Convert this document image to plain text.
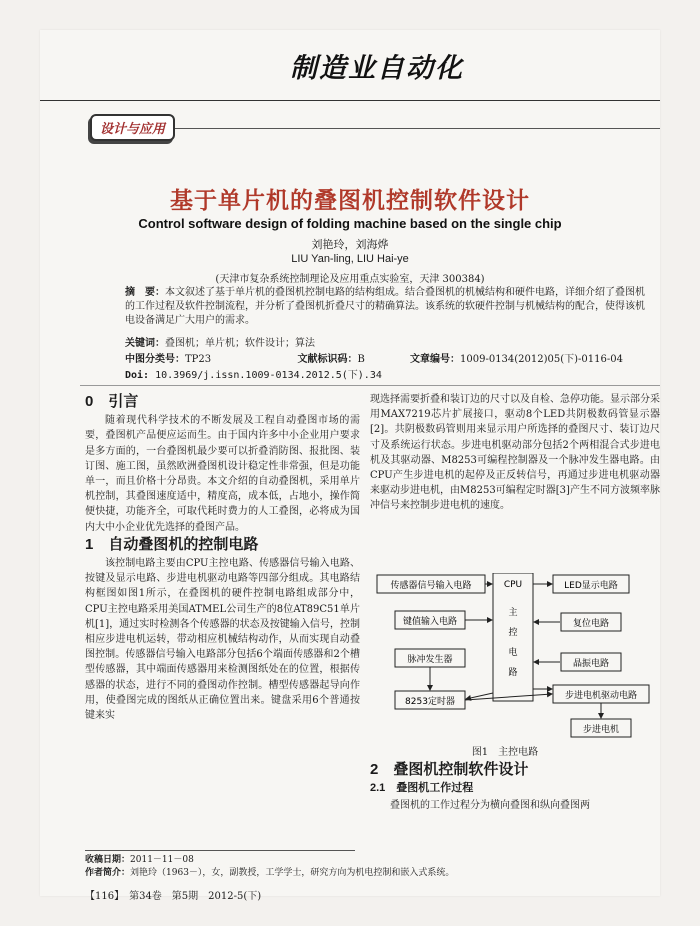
制造业自动化
设计与应用
基于单片机的叠图机控制软件设计
Control software design of folding machine based on the single chip
刘艳玲，刘海烨
LIU Yan-ling, LIU Hai-ye
(天津市复杂系统控制理论及应用重点实验室，天津 300384)
摘　要：本文叙述了基于单片机的叠图机控制电路的结构组成。结合叠图机的机械结构和硬件电路，详细介绍了叠图机的工作过程及软件控制流程，并分析了叠图机折叠尺寸的精确算法。该系统的软硬件控制与机械结构的配合，使得该机电设备满足广大用户的需求。
关键词：叠图机；单片机；软件设计；算法
中图分类号：TP23	文献标识码：B	文章编号：1009-0134(2012)05(下)-0116-04
Doi: 10.3969/j.issn.1009-0134.2012.5(下).34
0　引言

随着现代科学技术的不断发展及工程自动叠图市场的需要，叠图机产品便应运而生。由于国内许多中小企业用户要求是多方面的，一台叠图机最少要可以折叠消防图、报批图、装订图、施工图，虽然欧洲叠图机设计稳定性非常强，但是功能单一，而且价格十分昂贵。本文介绍的自动叠图机，采用单片机控制，其叠图速度适中，精度高，成本低，占地小，操作简便快捷，功能齐全，可取代耗时费力的人工叠图，必将成为国内大中小企业优先选择的叠图产品。

1　自动叠图机的控制电路

该控制电路主要由CPU主控电路、传感器信号输入电路、按键及显示电路、步进电机驱动电路等四部分组成。其电路结构框图如图1所示，在叠图机的硬件控制电路组成部分中，CPU主控电路采用美国ATMEL公司生产的8位AT89C51单片机[1]，通过实时检测各个传感器的状态及按键输入信号，控制相应步进电机运转，带动相应机械结构动作，从而实现自动叠图控制。传感器信号输入电路部分包括6个端面传感器和2个槽型传感器，其中端面传感器用来检测图纸处在的位置，根据传感器的状态，进行不同的叠图动作控制。槽型传感器起导向作用，使叠图完成的图纸从正确位置出来。键盘采用6个普通按键来实

现选择需要折叠和装订边的尺寸以及自检、急停功能。显示部分采用MAX7219芯片扩展接口，驱动8个LED共阴极数码管显示器[2]。共阴极数码管则用来显示用户所选择的叠图尺寸、装订边尺寸及系统运行状态。步进电机驱动部分包括2个两相混合式步进电机及其驱动器、M8253可编程控制器及一个脉冲发生器电路。由CPU产生步进电机的起停及正反转信号，再通过步进电机驱动器来驱动步进电机，由M8253可编程定时器[3]产生不同方波频率脉冲信号来控制步进电机的速度。

传感器信号输入电路
键值输入电路
脉冲发生器
8253定时器
CPU
主
控
电
路
LED显示电路
复位电路
晶振电路
步进电机驱动电路
步进电机
图1　主控电路
2　叠图机控制软件设计
2.1　叠图机工作过程

叠图机的工作过程分为横向叠图和纵向叠图两

收稿日期：2011－11－08
作者简介：刘艳玲（1963－），女，副教授，工学学士，研究方向为机电控制和嵌入式系统。
【116】　第34卷　第5期　2012-5(下)
